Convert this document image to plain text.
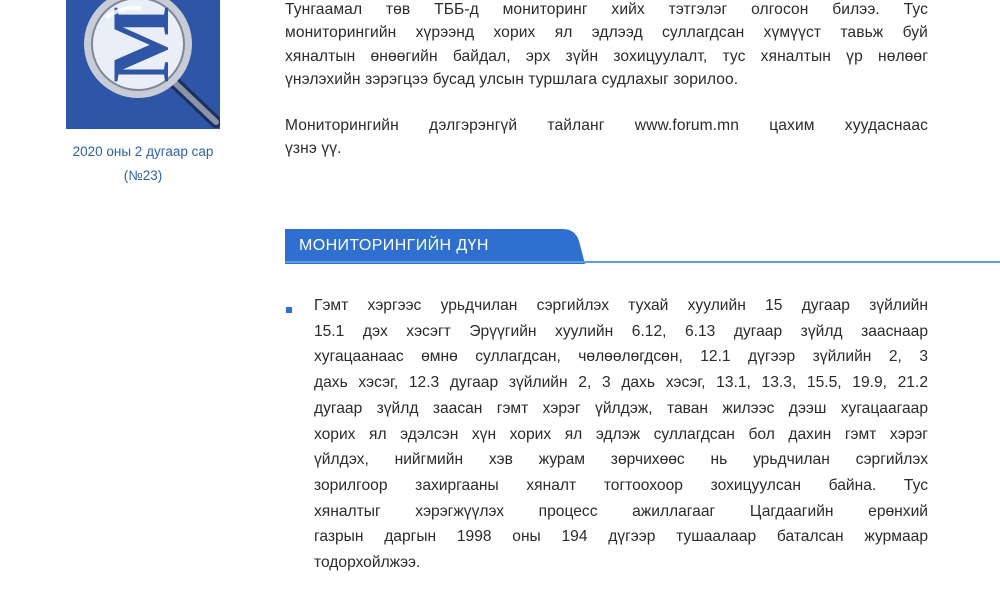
M
2020 оны 2 дугаар сар
(№23)
Тунгаамал төв ТББ-д мониторинг хийх тэтгэлэг олгосон билээ. Тус
мониторингийн хүрээнд хорих ял эдлээд суллагдсан хүмүүст тавьж буй
хяналтын өнөөгийн байдал, эрх зүйн зохицуулалт, тус хяналтын үр нөлөөг
үнэлэхийн зэрэгцээ бусад улсын туршлага судлахыг зорилоо.
Мониторингийн дэлгэрэнгүй тайланг www.forum.mn цахим хуудаснаас
үзнэ үү.
МОНИТОРИНГИЙН ДҮН
Гэмт хэргээс урьдчилан сэргийлэх тухай хуулийн 15 дугаар зүйлийн
15.1 дэх хэсэгт Эрүүгийн хуулийн 6.12, 6.13 дугаар зүйлд зааснаар
хугацаанаас өмнө суллагдсан, чөлөөлөгдсөн, 12.1 дүгээр зүйлийн 2, 3
дахь хэсэг, 12.3 дугаар зүйлийн 2, 3 дахь хэсэг, 13.1, 13.3, 15.5, 19.9, 21.2
дугаар зүйлд заасан гэмт хэрэг үйлдэж, таван жилээс дээш хугацаагаар
хорих ял эдэлсэн хүн хорих ял эдлэж суллагдсан бол дахин гэмт хэрэг
үйлдэх, нийгмийн хэв журам зөрчихөөс нь урьдчилан сэргийлэх
зорилгоор захиргааны хяналт тогтоохоор зохицуулсан байна. Тус
хяналтыг хэрэгжүүлэх процесс ажиллагааг Цагдаагийн ерөнхий
газрын даргын 1998 оны 194 дүгээр тушаалаар баталсан журмаар
тодорхойлжээ.
